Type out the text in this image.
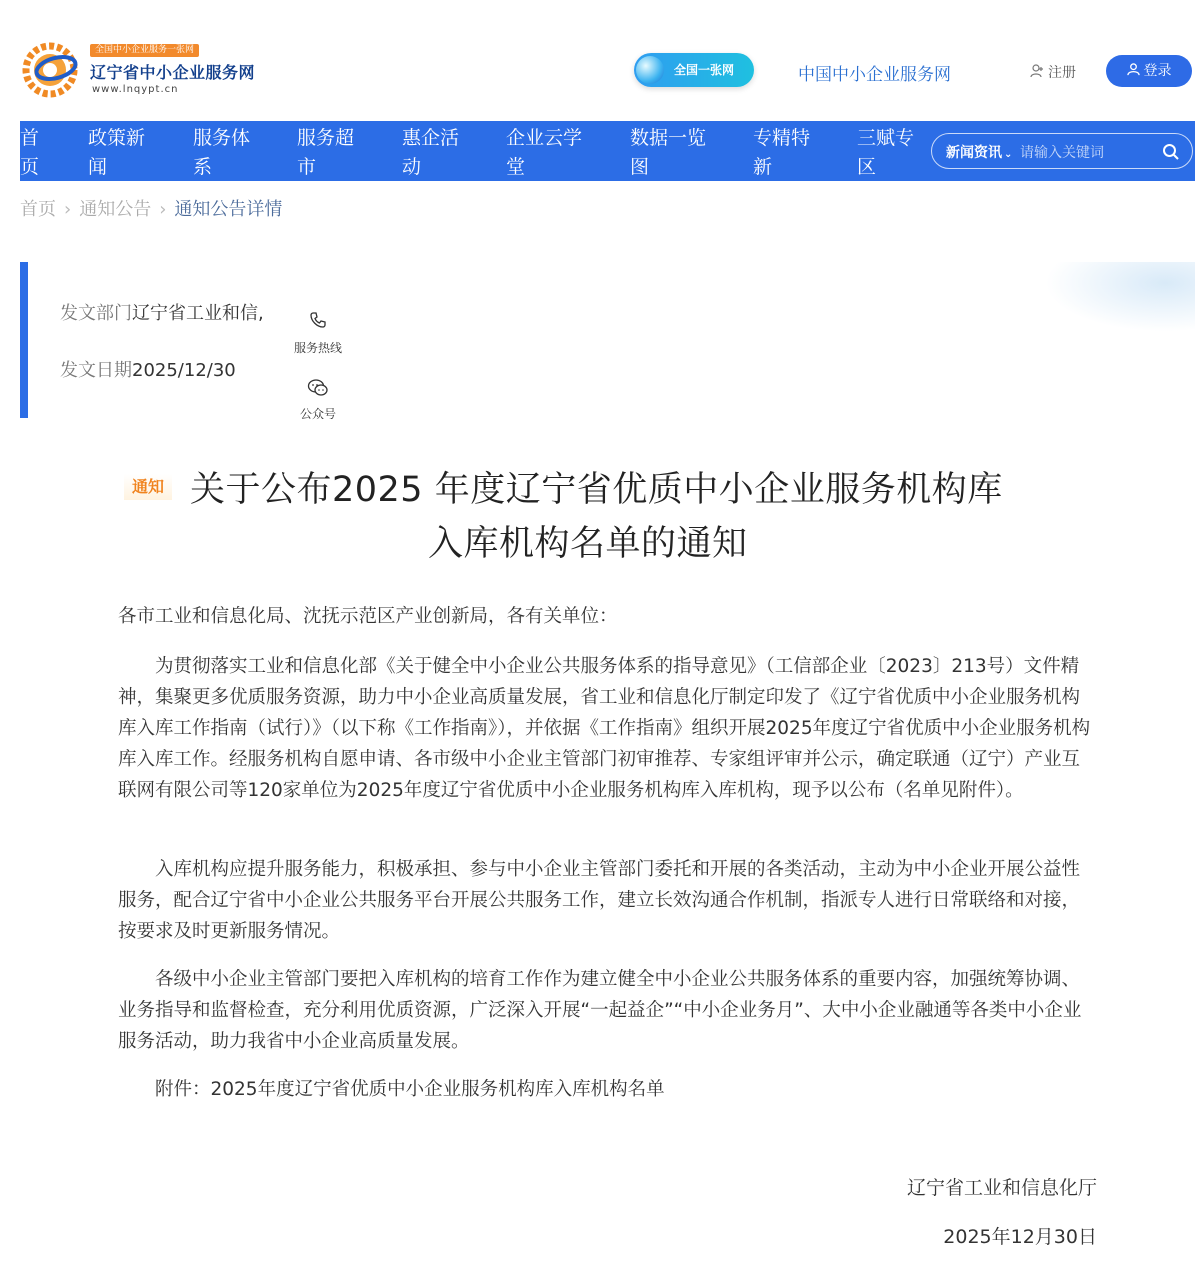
全国中小企业服务一张网
辽宁省中小企业服务网
www.lnqypt.cn
全国一张网	中国中小企业服务网	注册	登录
首页
政策新闻
服务体系
服务超市
惠企活动
企业云学堂
数据一览图
专精特新
三赋专区
新闻资讯 ⌄ 请输入关键词
首页 › 通知公告 › 通知公告详情
发文部门辽宁省工业和信,
发文日期2025/12/30
服务热线
公众号
通知 关于公布2025 年度辽宁省优质中小企业服务机构库
入库机构名单的通知

各市工业和信息化局、沈抚示范区产业创新局，各有关单位：

为贯彻落实工业和信息化部《关于健全中小企业公共服务体系的指导意见》（工信部企业〔2023〕213号）文件精神，集聚更多优质服务资源，助力中小企业高质量发展，省工业和信息化厅制定印发了《辽宁省优质中小企业服务机构库入库工作指南（试行）》（以下称《工作指南》），并依据《工作指南》组织开展2025年度辽宁省优质中小企业服务机构库入库工作。经服务机构自愿申请、各市级中小企业主管部门初审推荐、专家组评审并公示，确定联通（辽宁）产业互联网有限公司等120家单位为2025年度辽宁省优质中小企业服务机构库入库机构，现予以公布（名单见附件）。

入库机构应提升服务能力，积极承担、参与中小企业主管部门委托和开展的各类活动，主动为中小企业开展公益性服务，配合辽宁省中小企业公共服务平台开展公共服务工作，建立长效沟通合作机制，指派专人进行日常联络和对接，按要求及时更新服务情况。

各级中小企业主管部门要把入库机构的培育工作作为建立健全中小企业公共服务体系的重要内容，加强统筹协调、业务指导和监督检查，充分利用优质资源，广泛深入开展“一起益企”“中小企业务月”、大中小企业融通等各类中小企业服务活动，助力我省中小企业高质量发展。

附件：2025年度辽宁省优质中小企业服务机构库入库机构名单

辽宁省工业和信息化厅
2025年12月30日
